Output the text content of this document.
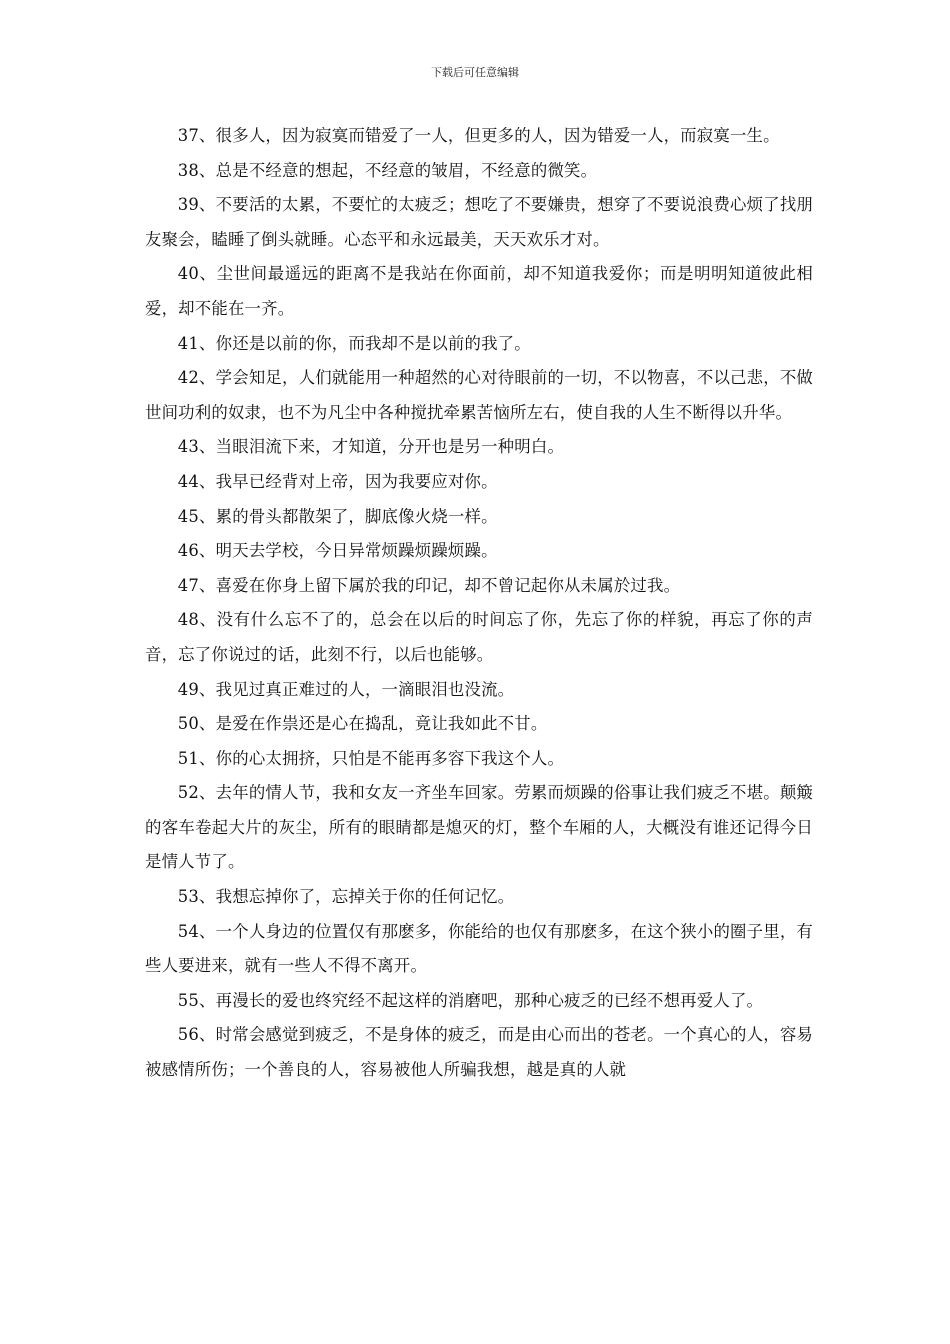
下载后可任意编辑

37、很多人，因为寂寞而错爱了一人，但更多的人，因为错爱一人，而寂寞一生。

38、总是不经意的想起，不经意的皱眉，不经意的微笑。

39、不要活的太累，不要忙的太疲乏；想吃了不要嫌贵，想穿了不要说浪费心烦了找朋友聚会，瞌睡了倒头就睡。心态平和永远最美，天天欢乐才对。

40、尘世间最遥远的距离不是我站在你面前，却不知道我爱你；而是明明知道彼此相爱，却不能在一齐。

41、你还是以前的你，而我却不是以前的我了。

42、学会知足，人们就能用一种超然的心对待眼前的一切，不以物喜，不以己悲，不做世间功利的奴隶，也不为凡尘中各种搅扰牵累苦恼所左右，使自我的人生不断得以升华。

43、当眼泪流下来，才知道，分开也是另一种明白。

44、我早已经背对上帝，因为我要应对你。

45、累的骨头都散架了，脚底像火烧一样。

46、明天去学校，今日异常烦躁烦躁烦躁。

47、喜爱在你身上留下属於我的印记，却不曾记起你从未属於过我。

48、没有什么忘不了的，总会在以后的时间忘了你，先忘了你的样貌，再忘了你的声音，忘了你说过的话，此刻不行，以后也能够。

49、我见过真正难过的人，一滴眼泪也没流。

50、是爱在作祟还是心在捣乱，竟让我如此不甘。

51、你的心太拥挤，只怕是不能再多容下我这个人。

52、去年的情人节，我和女友一齐坐车回家。劳累而烦躁的俗事让我们疲乏不堪。颠簸的客车卷起大片的灰尘，所有的眼睛都是熄灭的灯，整个车厢的人，大概没有谁还记得今日是情人节了。

53、我想忘掉你了，忘掉关于你的任何记忆。

54、一个人身边的位置仅有那麽多，你能给的也仅有那麽多，在这个狭小的圈子里，有些人要进来，就有一些人不得不离开。

55、再漫长的爱也终究经不起这样的消磨吧，那种心疲乏的已经不想再爱人了。

56、时常会感觉到疲乏，不是身体的疲乏，而是由心而出的苍老。一个真心的人，容易被感情所伤；一个善良的人，容易被他人所骗我想，越是真的人就
